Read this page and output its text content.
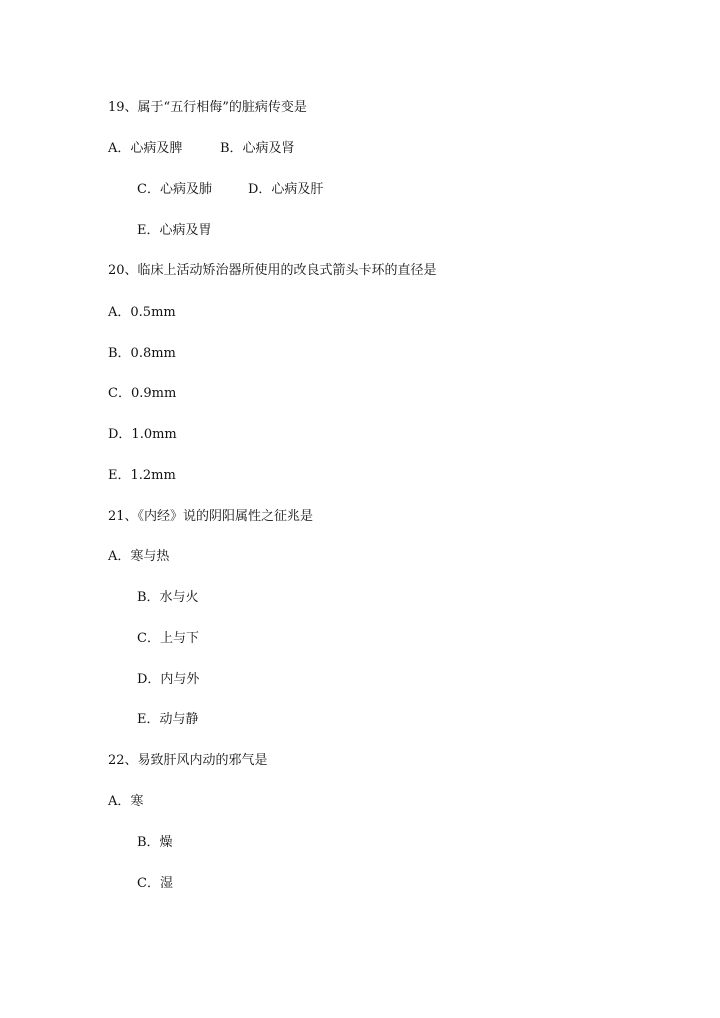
19、属于“五行相侮”的脏病传变是
A．心病及脾	B．心病及肾
C．心病及肺	D．心病及肝
E．心病及胃
20、临床上活动矫治器所使用的改良式箭头卡环的直径是
A．0.5mm
B．0.8mm
C．0.9mm
D．1.0mm
E．1.2mm
21、《内经》说的阴阳属性之征兆是
A．寒与热
B．水与火
C．上与下
D．内与外
E．动与静
22、易致肝风内动的邪气是
A．寒
B．燥
C．湿
